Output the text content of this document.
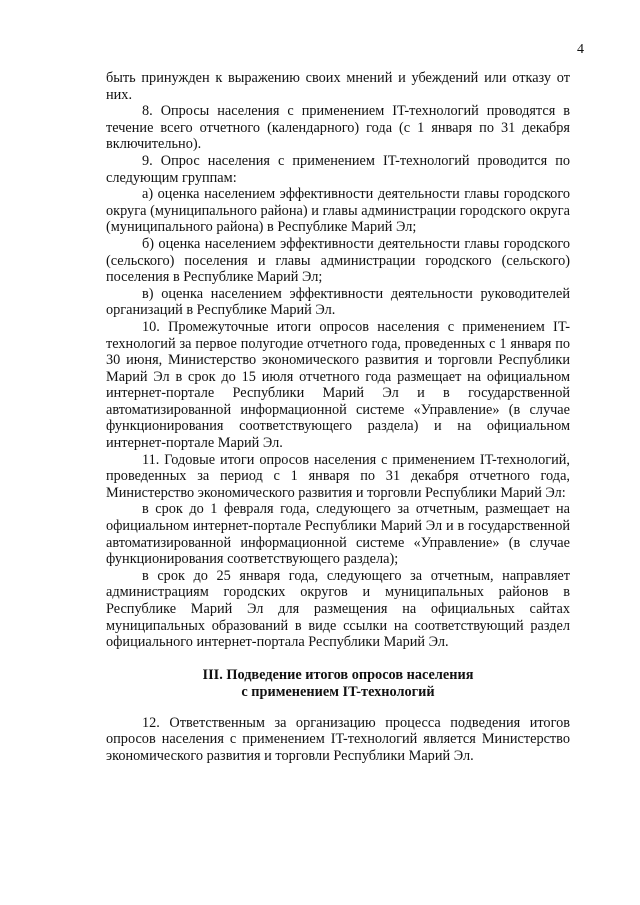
4

быть принужден к выражению своих мнений и убеждений или отказу от них.

8. Опросы населения с применением IT-технологий проводятся в течение всего отчетного (календарного) года (с 1 января по 31 декабря включительно).

9. Опрос населения с применением IT-технологий проводится по следующим группам:

а) оценка населением эффективности деятельности главы городского округа (муниципального района) и главы администрации городского округа (муниципального района) в Республике Марий Эл;

б) оценка населением эффективности деятельности главы городского (сельского) поселения и главы администрации городского (сельского) поселения в Республике Марий Эл;

в) оценка населением эффективности деятельности руководителей организаций в Республике Марий Эл.

10. Промежуточные итоги опросов населения с применением IT-технологий за первое полугодие отчетного года, проведенных с 1 января по 30 июня, Министерство экономического развития и торговли Республики Марий Эл в срок до 15 июля отчетного года размещает на официальном интернет-портале Республики Марий Эл и в государственной автоматизированной информационной системе «Управление» (в случае функционирования соответствующего раздела) и на официальном интернет-портале Марий Эл.

11. Годовые итоги опросов населения с применением IT-технологий, проведенных за период с 1 января по 31 декабря отчетного года, Министерство экономического развития и торговли Республики Марий Эл:

в срок до 1 февраля года, следующего за отчетным, размещает на официальном интернет-портале Республики Марий Эл и в государственной автоматизированной информационной системе «Управление» (в случае функционирования соответствующего раздела);

в срок до 25 января года, следующего за отчетным, направляет администрациям городских округов и муниципальных районов в Республике Марий Эл для размещения на официальных сайтах муниципальных образований в виде ссылки на соответствующий раздел официального интернет-портала Республики Марий Эл.

III. Подведение итогов опросов населения
с применением IT-технологий

12. Ответственным за организацию процесса подведения итогов опросов населения с применением IT-технологий является Министерство экономического развития и торговли Республики Марий Эл.
